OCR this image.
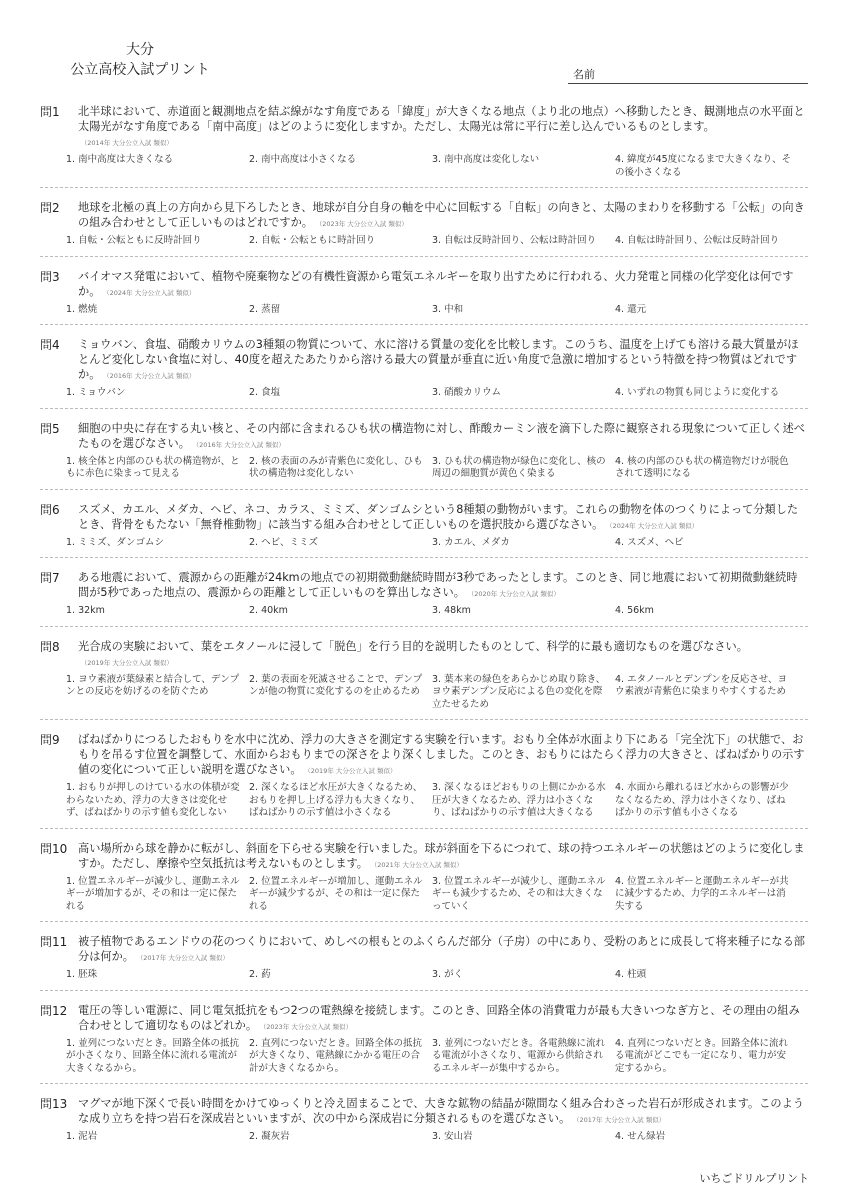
大分
公立高校入試プリント	名前
問1	北半球において、赤道面と観測地点を結ぶ線がなす角度である「緯度」が大きくなる地点（より北の地点）へ移動したとき、観測地点の水平面と太陽光がなす角度である「南中高度」はどのように変化しますか。ただし、太陽光は常に平行に差し込んでいるものとします。（2014年 大分公立入試 類似）
1. 南中高度は大きくなる	2. 南中高度は小さくなる	3. 南中高度は変化しない	4. 緯度が45度になるまで大きくなり、その後小さくなる
問2	地球を北極の真上の方向から見下ろしたとき、地球が自分自身の軸を中心に回転する「自転」の向きと、太陽のまわりを移動する「公転」の向きの組み合わせとして正しいものはどれですか。 （2023年 大分公立入試 類似）
1. 自転・公転ともに反時計回り	2. 自転・公転ともに時計回り	3. 自転は反時計回り、公転は時計回り	4. 自転は時計回り、公転は反時計回り
問3	バイオマス発電において、植物や廃棄物などの有機性資源から電気エネルギーを取り出すために行われる、火力発電と同様の化学変化は何ですか。 （2024年 大分公立入試 類似）
1. 燃焼	2. 蒸留	3. 中和	4. 還元
問4	ミョウバン、食塩、硝酸カリウムの3種類の物質について、水に溶ける質量の変化を比較します。このうち、温度を上げても溶ける最大質量がほとんど変化しない食塩に対し、40度を超えたあたりから溶ける最大の質量が垂直に近い角度で急激に増加するという特徴を持つ物質はどれですか。 （2016年 大分公立入試 類似）
1. ミョウバン	2. 食塩	3. 硝酸カリウム	4. いずれの物質も同じように変化する
問5	細胞の中央に存在する丸い核と、その内部に含まれるひも状の構造物に対し、酢酸カーミン液を滴下した際に観察される現象について正しく述べたものを選びなさい。 （2016年 大分公立入試 類似）
1. 核全体と内部のひも状の構造物が、ともに赤色に染まって見える
2. 核の表面のみが青紫色に変化し、ひも状の構造物は変化しない
3. ひも状の構造物が緑色に変化し、核の周辺の細胞質が黄色く染まる
4. 核の内部のひも状の構造物だけが脱色されて透明になる
問6	スズメ、カエル、メダカ、ヘビ、ネコ、カラス、ミミズ、ダンゴムシという8種類の動物がいます。これらの動物を体のつくりによって分類したとき、背骨をもたない「無脊椎動物」に該当する組み合わせとして正しいものを選択肢から選びなさい。 （2024年 大分公立入試 類似）
1. ミミズ、ダンゴムシ	2. ヘビ、ミミズ	3. カエル、メダカ	4. スズメ、ヘビ
問7	ある地震において、震源からの距離が24kmの地点での初期微動継続時間が3秒であったとします。このとき、同じ地震において初期微動継続時間が5秒であった地点の、震源からの距離として正しいものを算出しなさい。 （2020年 大分公立入試 類似）
1. 32km	2. 40km	3. 48km	4. 56km
問8	光合成の実験において、葉をエタノールに浸して「脱色」を行う目的を説明したものとして、科学的に最も適切なものを選びなさい。（2019年 大分公立入試 類似）
1. ヨウ素液が葉緑素と結合して、デンプンとの反応を妨げるのを防ぐため
2. 葉の表面を死滅させることで、デンプンが他の物質に変化するのを止めるため
3. 葉本来の緑色をあらかじめ取り除き、ヨウ素デンプン反応による色の変化を際立たせるため
4. エタノールとデンプンを反応させ、ヨウ素液が青紫色に染まりやすくするため
問9	ばねばかりにつるしたおもりを水中に沈め、浮力の大きさを測定する実験を行います。おもり全体が水面より下にある「完全沈下」の状態で、おもりを吊るす位置を調整して、水面からおもりまでの深さをより深くしました。このとき、おもりにはたらく浮力の大きさと、ばねばかりの示す値の変化について正しい説明を選びなさい。 （2019年 大分公立入試 類似）
1. おもりが押しのけている水の体積が変わらないため、浮力の大きさは変化せず、ばねばかりの示す値も変化しない
2. 深くなるほど水圧が大きくなるため、おもりを押し上げる浮力も大きくなり、ばねばかりの示す値は小さくなる
3. 深くなるほどおもりの上側にかかる水圧が大きくなるため、浮力は小さくなり、ばねばかりの示す値は大きくなる
4. 水面から離れるほど水からの影響が少なくなるため、浮力は小さくなり、ばねばかりの示す値も小さくなる
問10 高い場所から球を静かに転がし、斜面を下らせる実験を行いました。球が斜面を下るにつれて、球の持つエネルギーの状態はどのように変化しますか。ただし、摩擦や空気抵抗は考えないものとします。 （2021年 大分公立入試 類似）
1. 位置エネルギーが減少し、運動エネルギーが増加するが、その和は一定に保たれる
2. 位置エネルギーが増加し、運動エネルギーが減少するが、その和は一定に保たれる
3. 位置エネルギーが減少し、運動エネルギーも減少するため、その和は大きくなっていく
4. 位置エネルギーと運動エネルギーが共に減少するため、力学的エネルギーは消失する
問11 被子植物であるエンドウの花のつくりにおいて、めしべの根もとのふくらんだ部分（子房）の中にあり、受粉のあとに成長して将来種子になる部分は何か。 （2017年 大分公立入試 類似）
1. 胚珠	2. 葯	3. がく	4. 柱頭
問12 電圧の等しい電源に、同じ電気抵抗をもつ2つの電熱線を接続します。このとき、回路全体の消費電力が最も大きいつなぎ方と、その理由の組み合わせとして適切なものはどれか。 （2023年 大分公立入試 類似）
1. 並列につないだとき。回路全体の抵抗が小さくなり、回路全体に流れる電流が大きくなるから。
2. 直列につないだとき。回路全体の抵抗が大きくなり、電熱線にかかる電圧の合計が大きくなるから。
3. 並列につないだとき。各電熱線に流れる電流が小さくなり、電源から供給されるエネルギーが集中するから。
4. 直列につないだとき。回路全体に流れる電流がどこでも一定になり、電力が安定するから。
問13 マグマが地下深くで長い時間をかけてゆっくりと冷え固まることで、大きな鉱物の結晶が隙間なく組み合わさった岩石が形成されます。このような成り立ちを持つ岩石を深成岩といいますが、次の中から深成岩に分類されるものを選びなさい。 （2017年 大分公立入試 類似）
1. 泥岩	2. 凝灰岩	3. 安山岩	4. せん緑岩
いちごドリルプリント
